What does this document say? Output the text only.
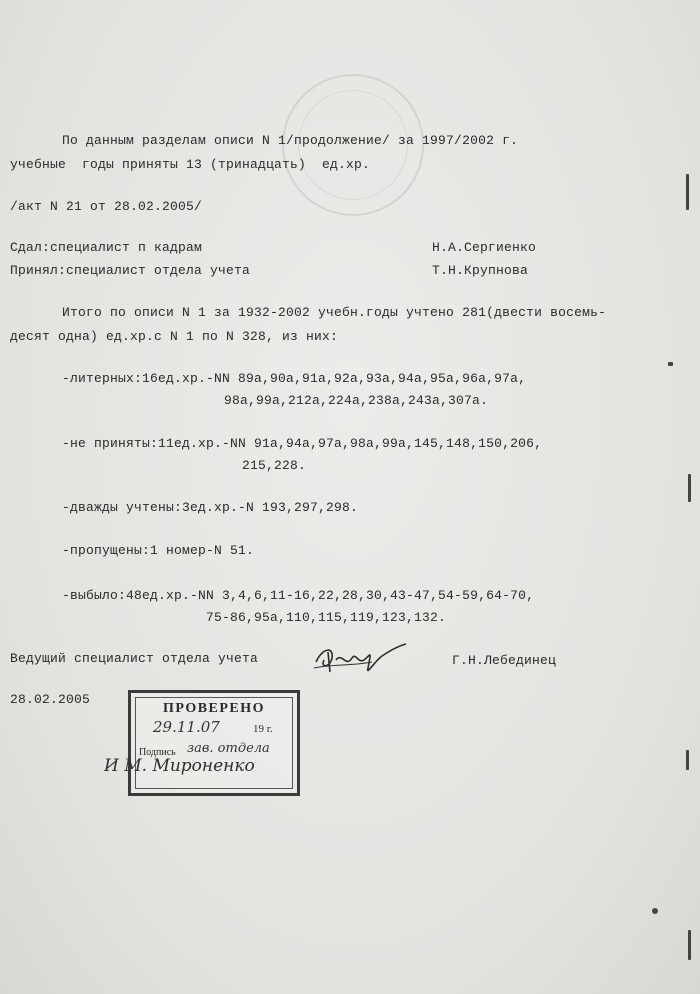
По данным разделам описи N 1/продолжение/ за 1997/2002 г.
учебные  годы приняты 13 (тринадцать)  ед.хр.
/акт N 21 от 28.02.2005/
Сдал:специалист п кадрам	Н.А.Сергиенко
Принял:специалист отдела учета	Т.Н.Крупнова
Итого по описи N 1 за 1932-2002 учебн.годы учтено 281(двести восемь-
десят одна) ед.хр.с N 1 по N 328, из них:
-литерных:16ед.хр.-NN 89а,90а,91а,92а,93а,94а,95а,96а,97а,
98а,99а,212а,224а,238а,243а,307а.
-не приняты:11ед.хр.-NN 91а,94а,97а,98а,99а,145,148,150,206,
215,228.
-дважды учтены:3ед.хр.-N 193,297,298.
-пропущены:1 номер-N 51.
-выбыло:48ед.хр.-NN 3,4,6,11-16,22,28,30,43-47,54-59,64-70,
75-86,95а,110,115,119,123,132.
Ведущий специалист отдела учета	Г.Н.Лебединец
28.02.2005
ПРОВЕРЕНО
29.11.07	19 г.
Подпись зав. отдела
И М. Мироненко
